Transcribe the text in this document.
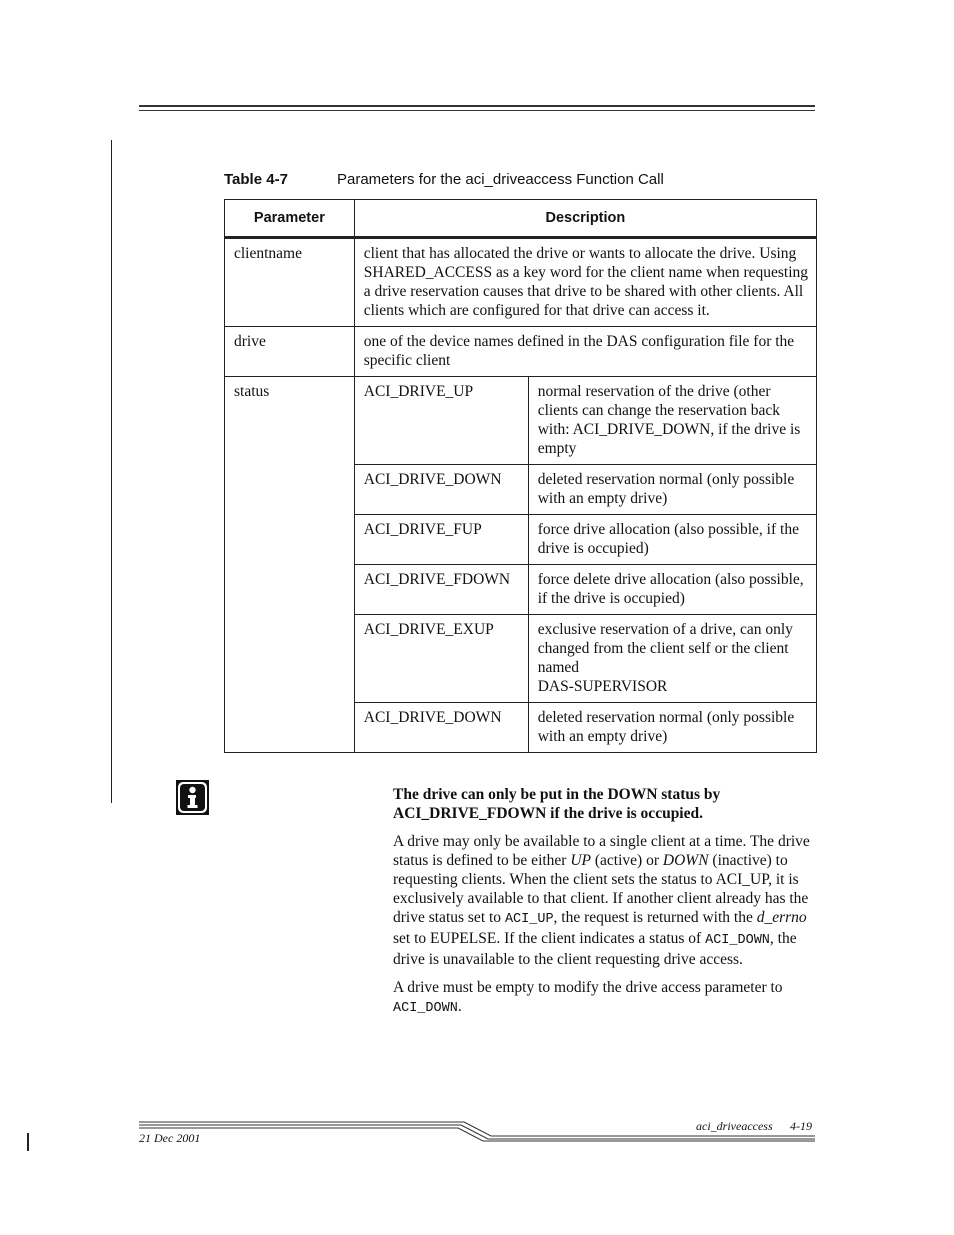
Table 4-7	Parameters for the aci_driveaccess Function Call
Parameter	Description	
clientname	client that has allocated the drive or wants to allocate the drive. Using SHARED_ACCESS as a key word for the client name when requesting a drive reservation causes that drive to be shared with other clients. All clients which are configured for that drive can access it.	
drive	one of the device names defined in the DAS configuration file for the specific client	
status	ACI_DRIVE_UP	normal reservation of the drive (other clients can change the reservation back with: ACI_DRIVE_DOWN, if the drive is empty
	ACI_DRIVE_DOWN	deleted reservation normal (only possible with an empty drive)
	ACI_DRIVE_FUP	force drive allocation (also possible, if the drive is occupied)
	ACI_DRIVE_FDOWN	force delete drive allocation (also possible, if the drive is occupied)
	ACI_DRIVE_EXUP	exclusive reservation of a drive, can only changed from the client self or the client named
DAS-SUPERVISOR
	ACI_DRIVE_DOWN	deleted reservation normal (only possible with an empty drive)

The drive can only be put in the DOWN status by ACI_DRIVE_FDOWN if the drive is occupied.

A drive may only be available to a single client at a time. The drive status is defined to be either UP (active) or DOWN (inactive) to requesting clients. When the client sets the status to ACI_UP, it is exclusively available to that client. If another client already has the drive status set to ACI_UP, the request is returned with the d_errno set to EUPELSE. If the client indicates a status of ACI_DOWN, the drive is unavailable to the client requesting drive access.

A drive must be empty to modify the drive access parameter to ACI_DOWN.

aci_driveaccess 4-19
21 Dec 2001
